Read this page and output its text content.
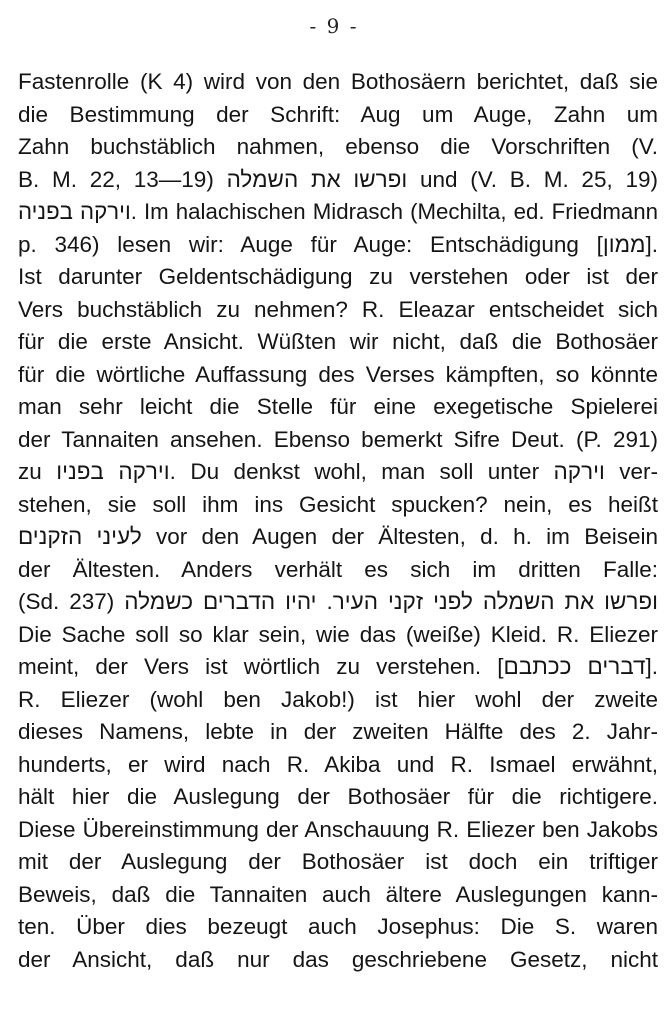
- 9 -
Fastenrolle (K 4) wird von den Bothosäern berichtet, daß sie
die Bestimmung der Schrift: Aug um Auge, Zahn um
Zahn buchstäblich nahmen, ebenso die Vorschriften (V.
B. M. 22, 13—19) ופרשו את השמלה und (V. B. M. 25, 19)
וירקה בפניה. Im halachischen Midrasch (Mechilta, ed. Friedmann
p. 346) lesen wir: Auge für Auge: Entschädigung [ממון].
Ist darunter Geldentschädigung zu verstehen oder ist der
Vers buchstäblich zu nehmen? R. Eleazar entscheidet sich
für die erste Ansicht. Wüßten wir nicht, daß die Bothosäer
für die wörtliche Auffassung des Verses kämpften, so könnte
man sehr leicht die Stelle für eine exegetische Spielerei
der Tannaiten ansehen. Ebenso bemerkt Sifre Deut. (P. 291)
zu וירקה בפניו. Du denkst wohl, man soll unter וירקה ver-
stehen, sie soll ihm ins Gesicht spucken? nein, es heißt
לעיני הזקנים vor den Augen der Ältesten, d. h. im Beisein
der Ältesten. Anders verhält es sich im dritten Falle:
(Sd. 237) ופרשו את השמלה לפני זקני העיר. יהיו הדברים כשמלה
Die Sache soll so klar sein, wie das (weiße) Kleid. R. Eliezer
meint, der Vers ist wörtlich zu verstehen. [דברים ככתבם].
R. Eliezer (wohl ben Jakob!) ist hier wohl der zweite
dieses Namens, lebte in der zweiten Hälfte des 2. Jahr-
hunderts, er wird nach R. Akiba und R. Ismael erwähnt,
hält hier die Auslegung der Bothosäer für die richtigere.
Diese Übereinstimmung der Anschauung R. Eliezer ben Jakobs
mit der Auslegung der Bothosäer ist doch ein triftiger
Beweis, daß die Tannaiten auch ältere Auslegungen kann-
ten. Über dies bezeugt auch Josephus: Die S. waren
der Ansicht, daß nur das geschriebene Gesetz, nicht
